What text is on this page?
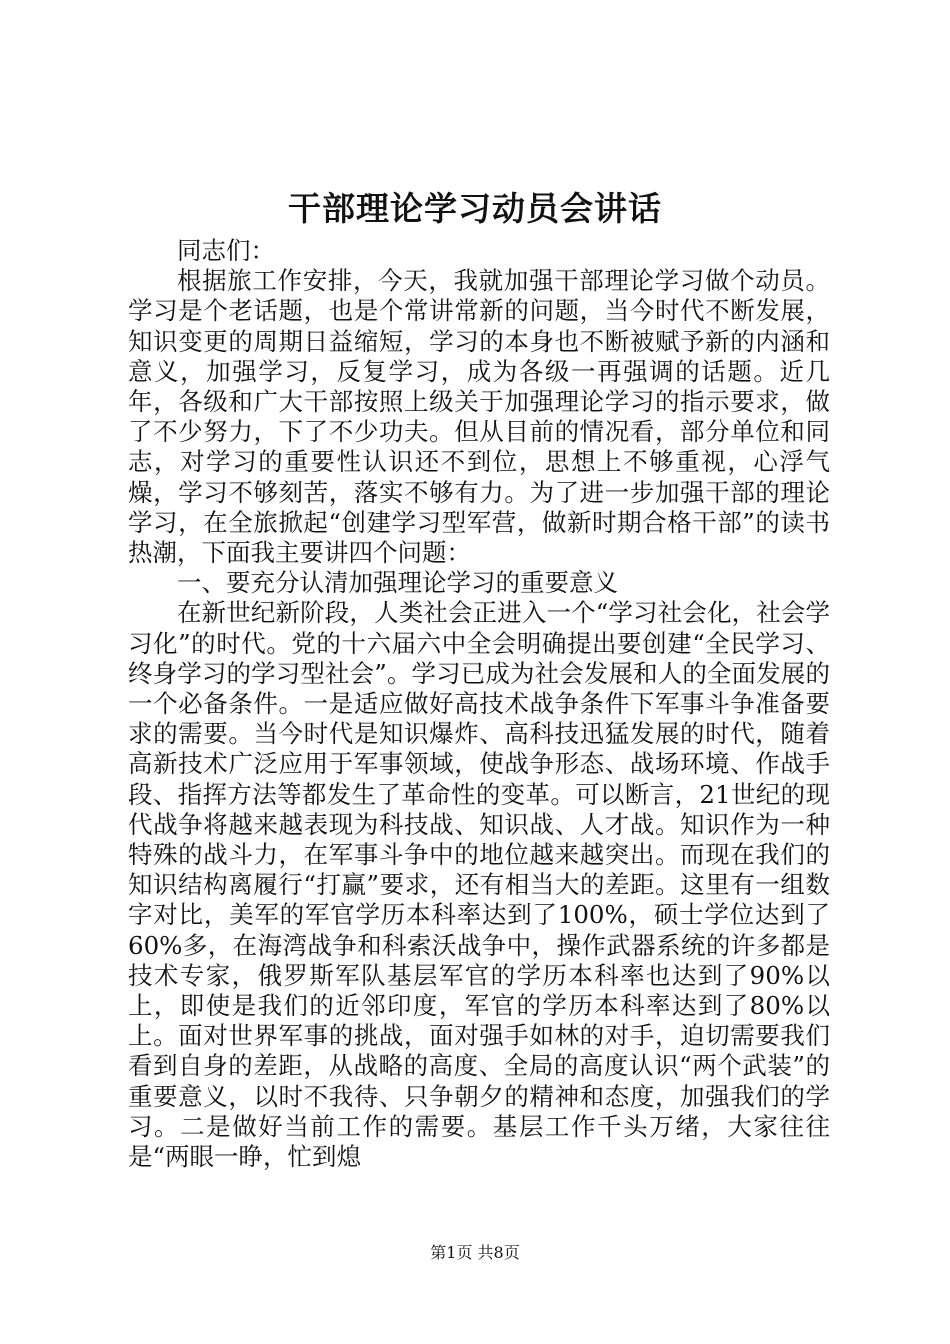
干部理论学习动员会讲话

同志们：

根据旅工作安排，今天，我就加强干部理论学习做个动员。学习是个老话题，也是个常讲常新的问题，当今时代不断发展，知识变更的周期日益缩短，学习的本身也不断被赋予新的内涵和意义，加强学习，反复学习，成为各级一再强调的话题。近几年，各级和广大干部按照上级关于加强理论学习的指示要求，做了不少努力，下了不少功夫。但从目前的情况看，部分单位和同志，对学习的重要性认识还不到位，思想上不够重视，心浮气燥，学习不够刻苦，落实不够有力。为了进一步加强干部的理论学习，在全旅掀起“创建学习型军营，做新时期合格干部”的读书热潮，下面我主要讲四个问题：

一、要充分认清加强理论学习的重要意义

在新世纪新阶段，人类社会正进入一个“学习社会化，社会学习化”的时代。党的十六届六中全会明确提出要创建“全民学习、终身学习的学习型社会”。学习已成为社会发展和人的全面发展的一个必备条件。一是适应做好高技术战争条件下军事斗争准备要求的需要。当今时代是知识爆炸、高科技迅猛发展的时代，随着高新技术广泛应用于军事领域，使战争形态、战场环境、作战手段、指挥方法等都发生了革命性的变革。可以断言，21世纪的现代战争将越来越表现为科技战、知识战、人才战。知识作为一种特殊的战斗力，在军事斗争中的地位越来越突出。而现在我们的知识结构离履行“打赢”要求，还有相当大的差距。这里有一组数字对比，美军的军官学历本科率达到了100%，硕士学位达到了60%多，在海湾战争和科索沃战争中，操作武器系统的许多都是技术专家，俄罗斯军队基层军官的学历本科率也达到了90%以上，即使是我们的近邻印度，军官的学历本科率达到了80%以上。面对世界军事的挑战，面对强手如林的对手，迫切需要我们看到自身的差距，从战略的高度、全局的高度认识“两个武装”的重要意义，以时不我待、只争朝夕的精神和态度，加强我们的学习。二是做好当前工作的需要。基层工作千头万绪，大家往往是“两眼一睁，忙到熄

第1页 共8页
